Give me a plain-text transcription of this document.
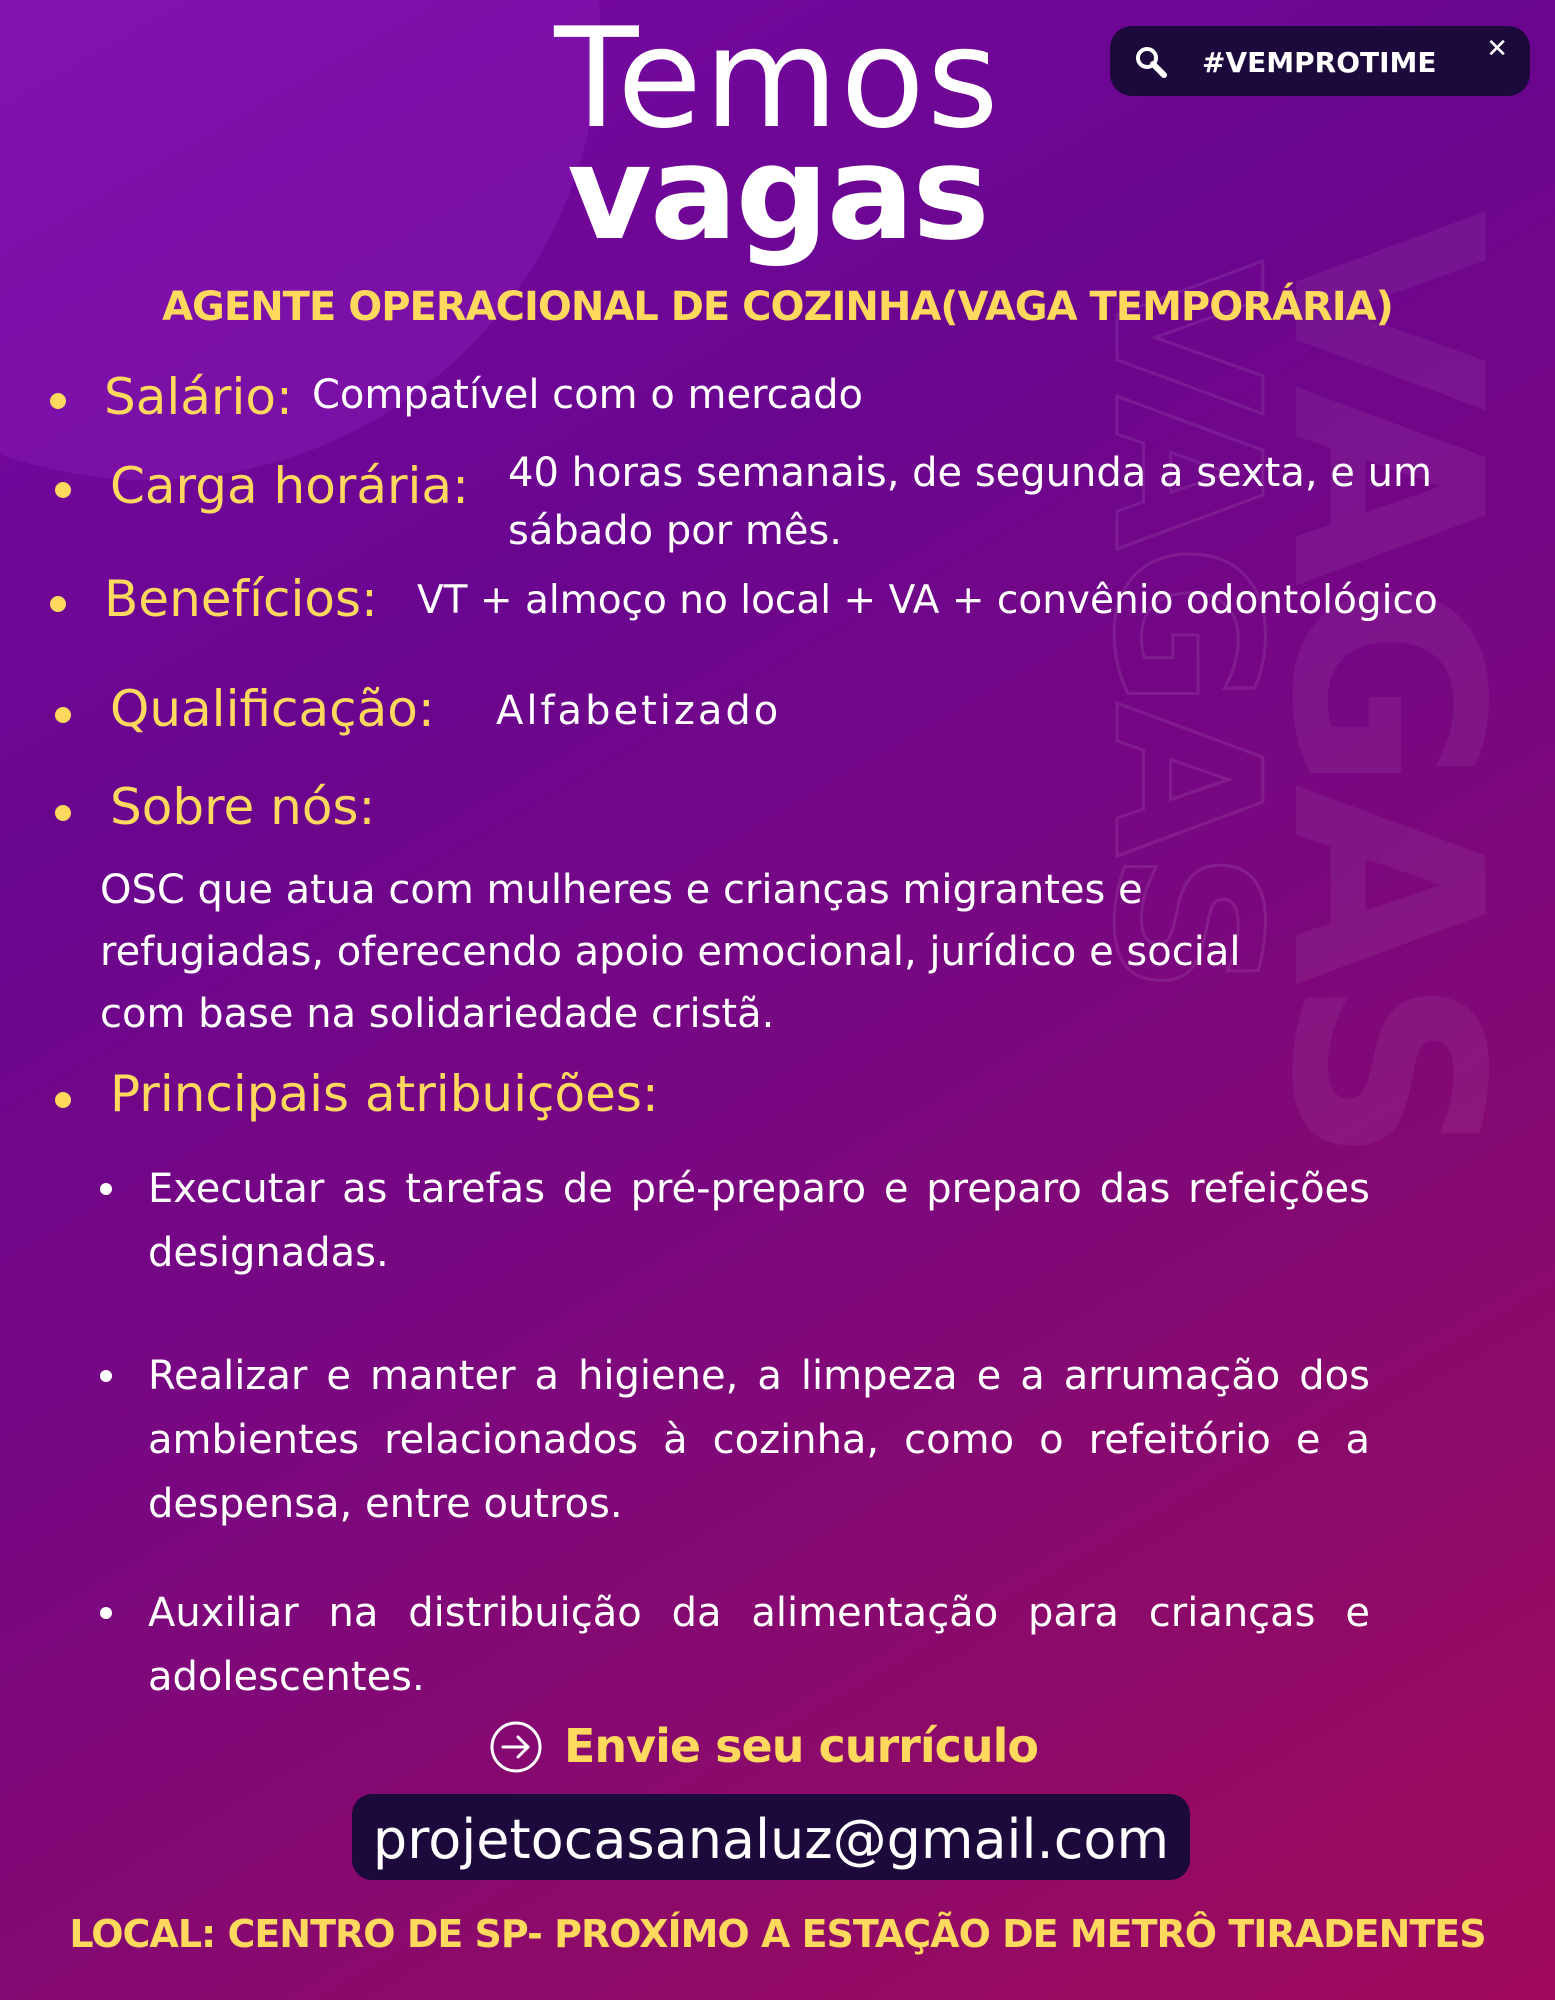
VAGAS
VAGAS
Temos
vagas
#VEMPROTIME ✕
AGENTE OPERACIONAL DE COZINHA(VAGA TEMPORÁRIA)
Salário: Compatível com o mercado
Carga horária: 40 horas semanais, de segunda a sexta, e um
sábado por mês.
Benefícios: VT + almoço no local + VA + convênio odontológico
Qualificação: Alfabetizado
Sobre nós:
OSC que atua com mulheres e crianças migrantes e
refugiadas, oferecendo apoio emocional, jurídico e social
com base na solidariedade cristã.
Principais atribuições:
Executar as tarefas de pré-preparo e preparo das refeições designadas.
Realizar e manter a higiene, a limpeza e a arrumação dos ambientes relacionados à cozinha, como o refeitório e a despensa, entre outros.
Auxiliar na distribuição da alimentação para crianças e adolescentes.
Envie seu currículo
projetocasanaluz@gmail.com
LOCAL: CENTRO DE SP- PROXÍMO A ESTAÇÃO DE METRÔ TIRADENTES
